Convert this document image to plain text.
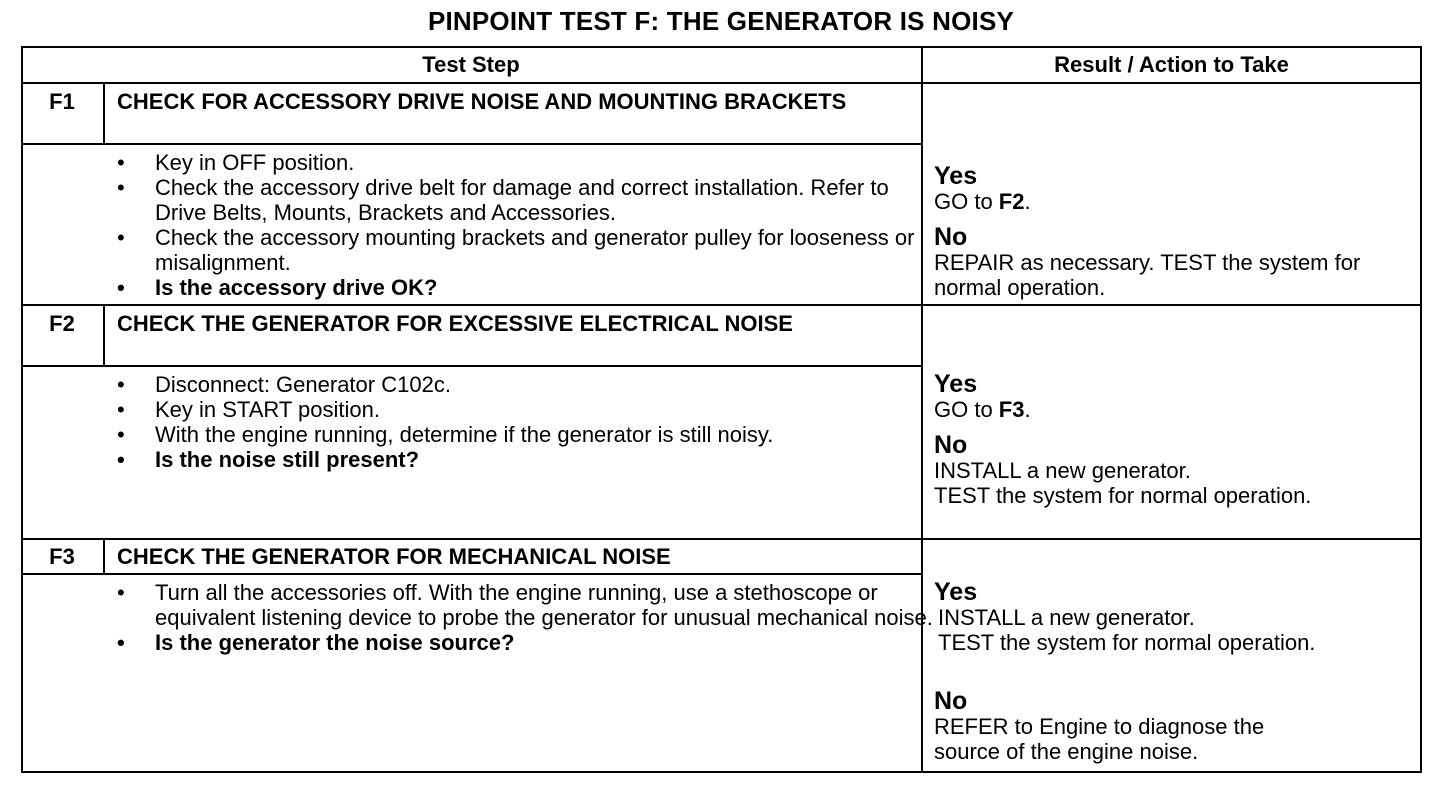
PINPOINT TEST F: THE GENERATOR IS NOISY
Test Step	Result / Action to Take
F1	CHECK FOR ACCESSORY DRIVE NOISE AND MOUNTING BRACKETS
• Key in OFF position.
• Check the accessory drive belt for damage and correct installation. Refer to Drive Belts, Mounts, Brackets and Accessories.
• Check the accessory mounting brackets and generator pulley for looseness or misalignment.
• Is the accessory drive OK?
Yes
GO to F2.
No
REPAIR as necessary. TEST the system for normal operation.
F2	CHECK THE GENERATOR FOR EXCESSIVE ELECTRICAL NOISE
• Disconnect: Generator C102c.
• Key in START position.
• With the engine running, determine if the generator is still noisy.
• Is the noise still present?
Yes
GO to F3.
No
INSTALL a new generator.
TEST the system for normal operation.
F3	CHECK THE GENERATOR FOR MECHANICAL NOISE
• Turn all the accessories off. With the engine running, use a stethoscope or equivalent listening device to probe the generator for unusual mechanical noise.
• Is the generator the noise source?
Yes
INSTALL a new generator.
TEST the system for normal operation.
No
REFER to Engine to diagnose the source of the engine noise.
